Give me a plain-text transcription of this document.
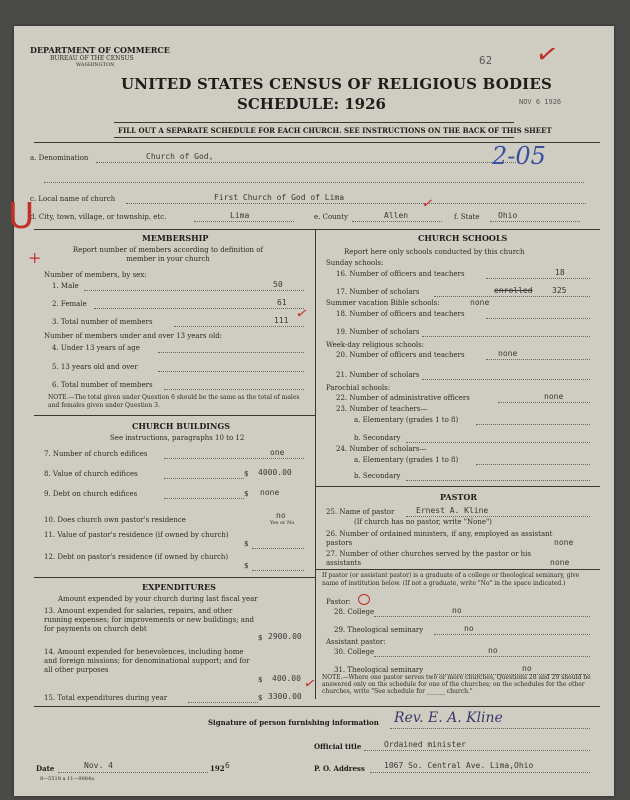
DEPARTMENT OF COMMERCE
BUREAU OF THE CENSUS
WASHINGTON	62 ✓
UNITED STATES CENSUS OF RELIGIOUS BODIES
SCHEDULE: 1926	NOV 6 1926
FILL OUT A SEPARATE SCHEDULE FOR EACH CHURCH. SEE INSTRUCTIONS ON THE BACK OF THIS SHEET
a. Denomination	Church of God,	2-05
c. Local name of church	First Church of God of Lima
d. City, town, village, or township, etc.	Lima	e. County	Allen
✓
f. State Ohio
U
+
MEMBERSHIP
Report number of members according to definition of member in your church
Number of members, by sex:
1. Male	50
2. Female	61
3. Total number of members	111 ✓
Number of members under and over 13 years old:
4. Under 13 years of age
5. 13 years old and over
6. Total number of members
NOTE.—The total given under Question 6 should be the same as the total of males and females given under Question 3.
CHURCH BUILDINGS
See instructions, paragraphs 10 to 12
7. Number of church edifices	one
8. Value of church edifices	$ 4000.00
9. Debt on church edifices	$ none
10. Does church own pastor's residence	no
Yes or No
11. Value of pastor's residence (if owned by church)
$
12. Debt on pastor's residence (if owned by church)
$
EXPENDITURES
Amount expended by your church during last fiscal year
13. Amount expended for salaries, repairs, and other running expenses; for improvements or new buildings; and for payments on church debt
$ 2900.00
14. Amount expended for benevolences, including home and foreign missions; for denominational support; and for all other purposes
$ 400.00
15. Total expenditures during year	$ 3300.00
✓
CHURCH SCHOOLS
Report here only schools conducted by this church
Sunday schools:
16. Number of officers and teachers	18
17. Number of scholars	enrolled 325
Summer vacation Bible schools:	none
18. Number of officers and teachers
19. Number of scholars
Week-day religious schools:
20. Number of officers and teachers	none
21. Number of scholars
Parochial schools:
22. Number of administrative officers	none
23. Number of teachers—
a. Elementary (grades 1 to 8)
b. Secondary
24. Number of scholars—
a. Elementary (grades 1 to 8)
b. Secondary
PASTOR
25. Name of pastor	Ernest A. Kline
(If church has no pastor, write "None")
26. Number of ordained ministers, if any, employed as assistant pastors	none
27. Number of other churches served by the pastor or his assistants	none
If pastor (or assistant pastor) is a graduate of a college or theological seminary, give name of institution below. (If not a graduate, write "No" in the space indicated.)
Pastor:
28. College	no
29. Theological seminary	no
Assistant pastor:
30. College	no
31. Theological seminary	no
NOTE.—Where one pastor serves two or more churches, Questions 28 and 29 should be answered only on the schedule for one of the churches; on the schedules for the other churches, write "See schedule for ______ church."
Signature of person furnishing information Rev. E. A. Kline
Official title	Ordained minister
Date	Nov. 4	192 6	P. O. Address 1067 So. Central Ave. Lima,Ohio
8—5518 a 11—9084a
